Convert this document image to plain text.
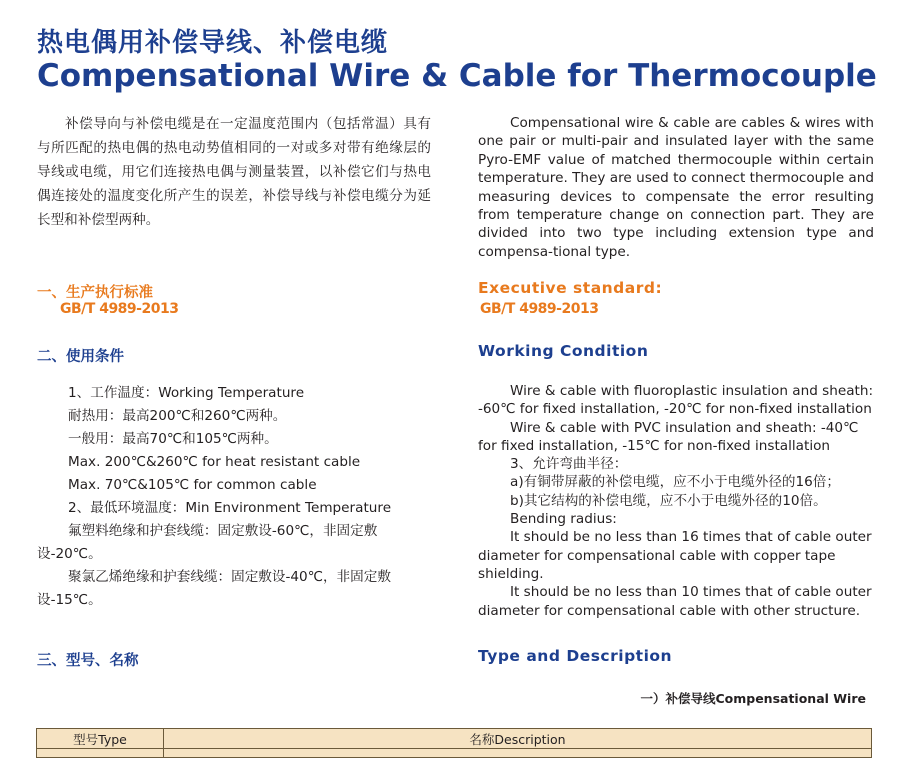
热电偶用补偿导线、补偿电缆
Compensational Wire & Cable for Thermocouple
补偿导向与补偿电缆是在一定温度范围内（包括常温）具有与所匹配的热电偶的热电动势值相同的一对或多对带有绝缘层的导线或电缆，用它们连接热电偶与测量装置，以补偿它们与热电偶连接处的温度变化所产生的误差，补偿导线与补偿电缆分为延长型和补偿型两种。

Compensational wire & cable are cables & wires with one pair or multi-pair and insulated layer with the same Pyro-EMF value of matched thermocouple within certain temperature. They are used to connect thermocouple and measuring devices to compensate the error resulting from temperature change on connection part. They are divided into two type including extension type and compensa-tional type.

一、生产执行标准
GB/T 4989-2013
Executive standard:
GB/T 4989-2013
二、使用条件	Working Condition
1、工作温度：Working Temperature
耐热用：最高200℃和260℃两种。
一般用：最高70℃和105℃两种。
Max. 200℃&260℃ for heat resistant cable
Max. 70℃&105℃ for common cable
2、最低环境温度：Min Environment Temperature
氟塑料绝缘和护套线缆：固定敷设-60℃，非固定敷
设-20℃。
聚氯乙烯绝缘和护套线缆：固定敷设-40℃，非固定敷
设-15℃。
Wire & cable with fluoroplastic insulation and sheath:
-60℃ for fixed installation, -20℃ for non-fixed installation
Wire & cable with PVC insulation and sheath: -40℃
for fixed installation, -15℃ for non-fixed installation
3、允许弯曲半径：
a)有铜带屏蔽的补偿电缆，应不小于电缆外径的16倍；
b)其它结构的补偿电缆，应不小于电缆外径的10倍。
Bending radius:
It should be no less than 16 times that of cable outer
diameter for compensational cable with copper tape
shielding.
It should be no less than 10 times that of cable outer
diameter for compensational cable with other structure.
三、型号、名称	Type and Description
一）补偿导线Compensational Wire
型号Type	名称Description
